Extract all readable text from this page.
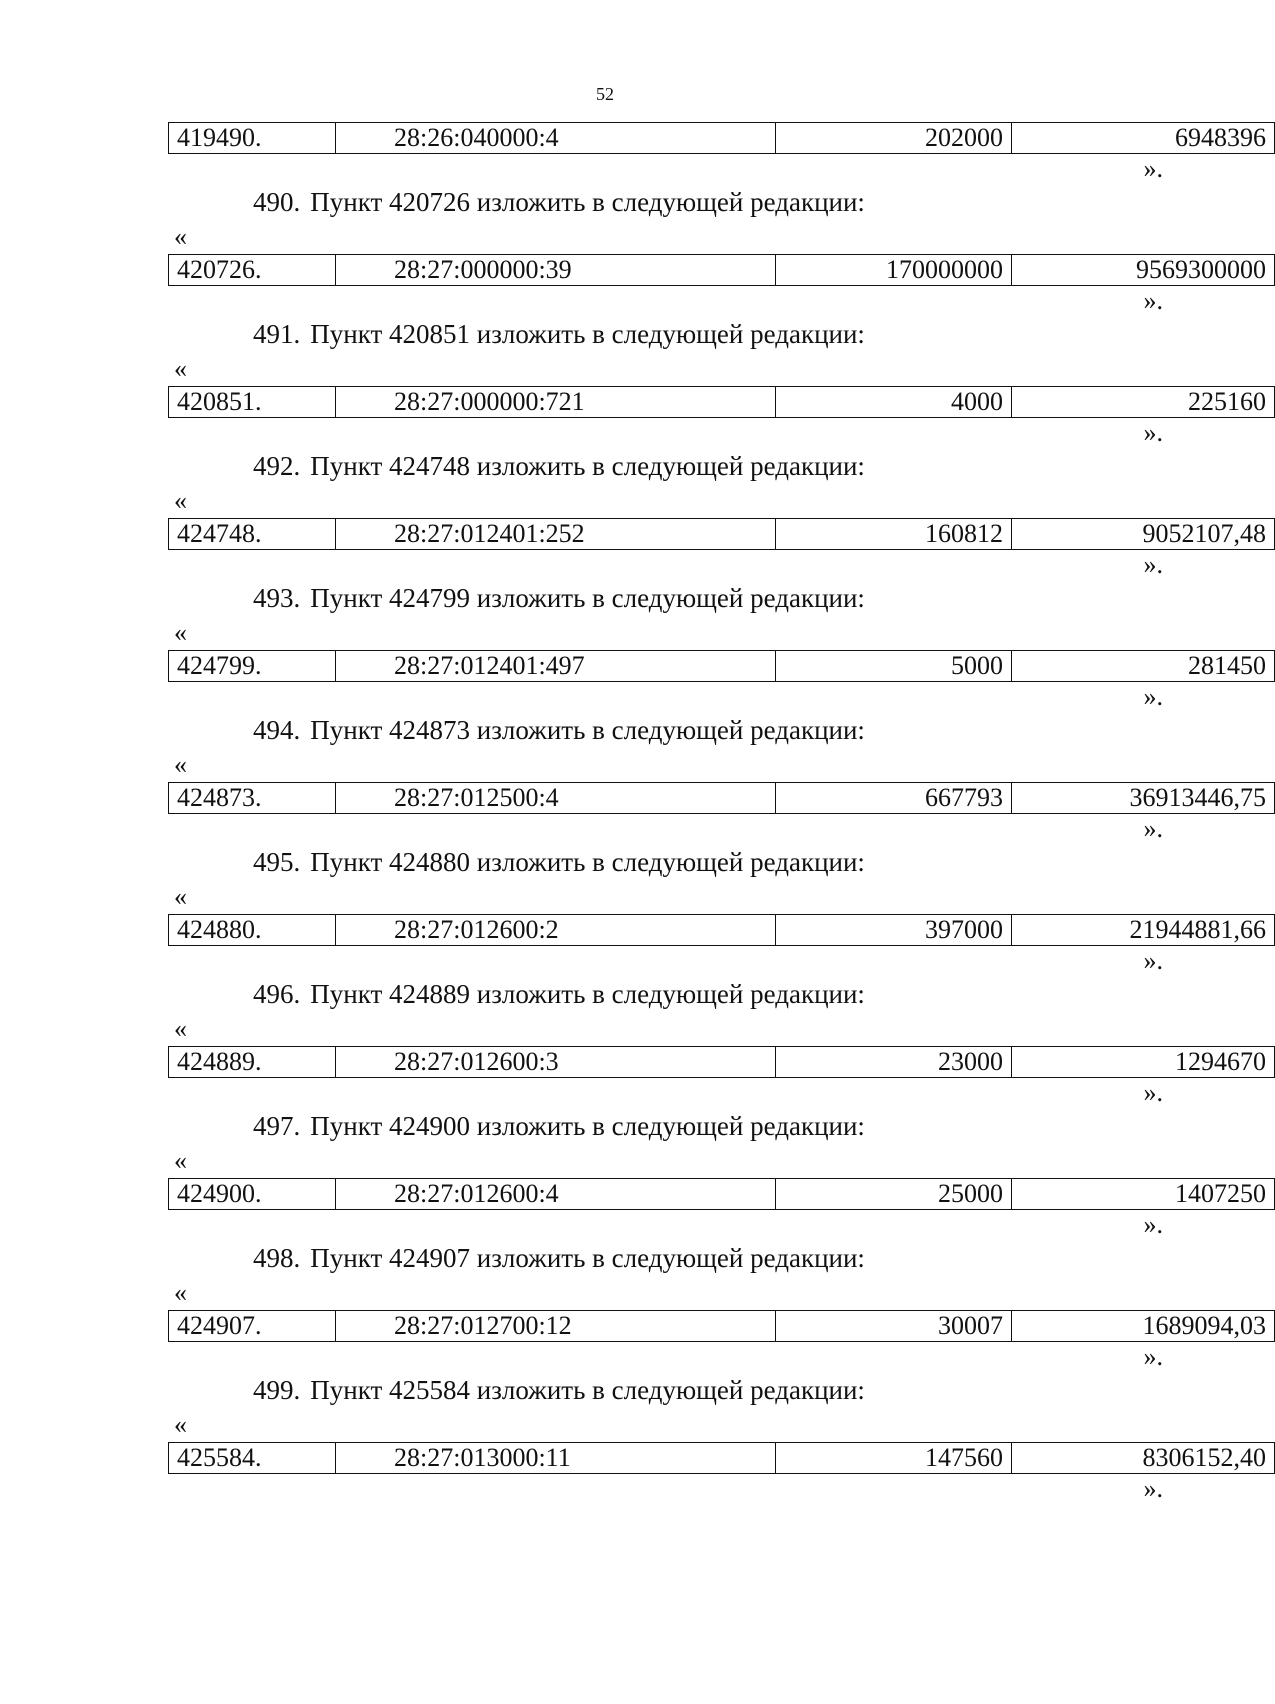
52
419490.	28:26:040000:4	202000	6948396
».
490. Пункт 420726 изложить в следующей редакции:
«
420726.	28:27:000000:39	170000000	9569300000
».
491. Пункт 420851 изложить в следующей редакции:
«
420851.	28:27:000000:721	4000	225160
».
492. Пункт 424748 изложить в следующей редакции:
«
424748.	28:27:012401:252	160812	9052107,48
».
493. Пункт 424799 изложить в следующей редакции:
«
424799.	28:27:012401:497	5000	281450
».
494. Пункт 424873 изложить в следующей редакции:
«
424873.	28:27:012500:4	667793	36913446,75
».
495. Пункт 424880 изложить в следующей редакции:
«
424880.	28:27:012600:2	397000	21944881,66
».
496. Пункт 424889 изложить в следующей редакции:
«
424889.	28:27:012600:3	23000	1294670
».
497. Пункт 424900 изложить в следующей редакции:
«
424900.	28:27:012600:4	25000	1407250
».
498. Пункт 424907 изложить в следующей редакции:
«
424907.	28:27:012700:12	30007	1689094,03
».
499. Пункт 425584 изложить в следующей редакции:
«
425584.	28:27:013000:11	147560	8306152,40
».
